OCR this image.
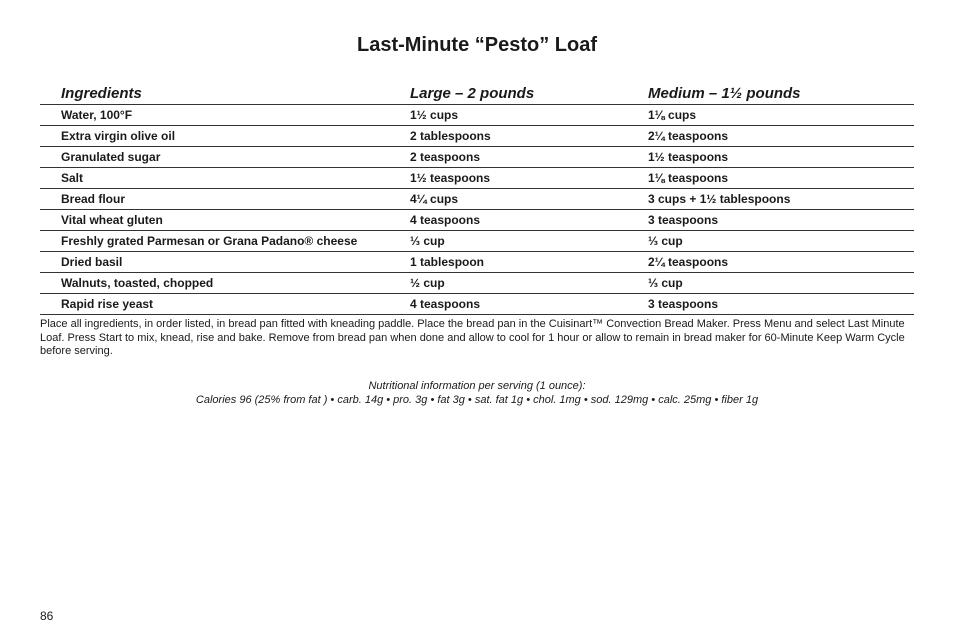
Last-Minute “Pesto” Loaf
Ingredients	Large – 2 pounds	Medium – 1½ pounds
Water, 100°F	1½ cups	1⅛ cups
Extra virgin olive oil	2 tablespoons	2¼ teaspoons
Granulated sugar	2 teaspoons	1½ teaspoons
Salt	1½ teaspoons	1⅛ teaspoons
Bread flour	4¼ cups	3 cups + 1½ tablespoons
Vital wheat gluten	4 teaspoons	3 teaspoons
Freshly grated Parmesan or Grana Padano® cheese	⅓ cup	⅓ cup
Dried basil	1 tablespoon	2¼ teaspoons
Walnuts, toasted, chopped	½ cup	⅓ cup
Rapid rise yeast	4 teaspoons	3 teaspoons

Place all ingredients, in order listed, in bread pan fitted with kneading paddle. Place the bread pan in the Cuisinart™ Convection Bread Maker. Press Menu and select Last Minute Loaf. Press Start to mix, knead, rise and bake. Remove from bread pan when done and allow to cool for 1 hour or allow to remain in bread maker for 60-Minute Keep Warm Cycle before serving.

Nutritional information per serving (1 ounce):
Calories 96 (25% from fat ) • carb. 14g • pro. 3g • fat 3g • sat. fat 1g • chol. 1mg • sod. 129mg • calc. 25mg • fiber 1g
86
